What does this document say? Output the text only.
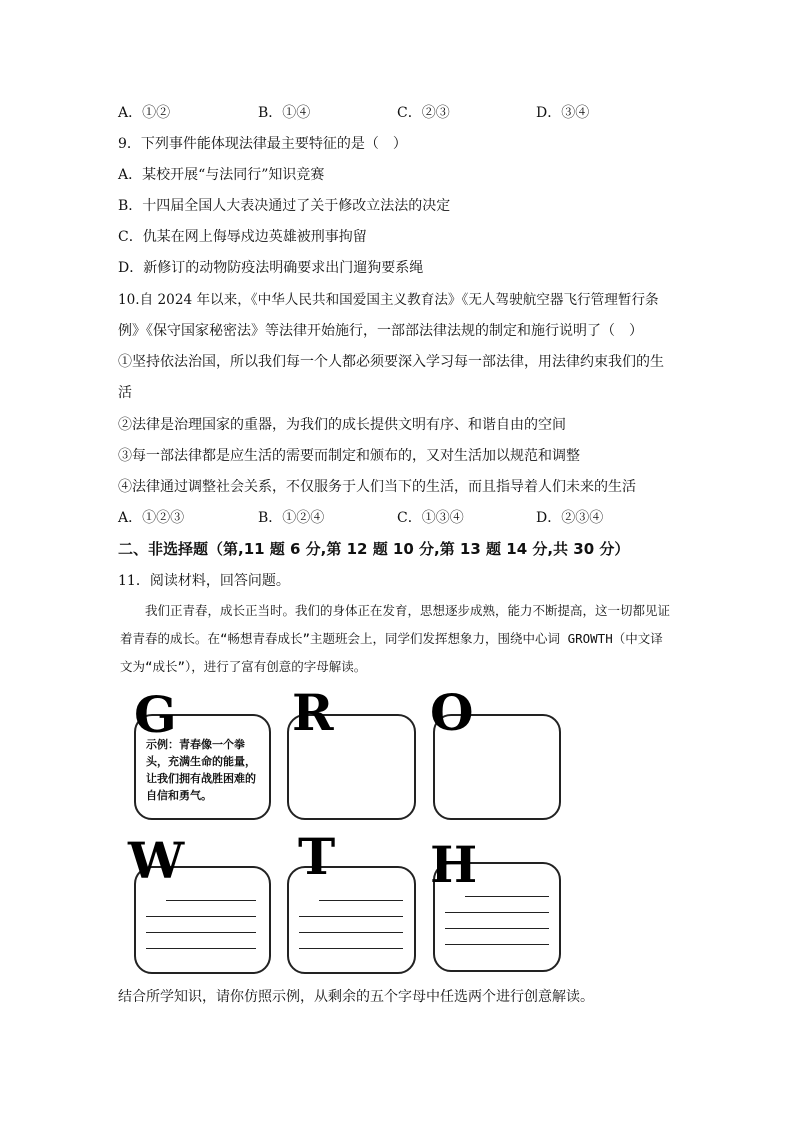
A．①②	B．①④	C．②③	D．③④
9．下列事件能体现法律最主要特征的是（　）
A．某校开展“与法同行”知识竞赛
B．十四届全国人大表决通过了关于修改立法法的决定
C．仇某在网上侮辱戍边英雄被刑事拘留
D．新修订的动物防疫法明确要求出门遛狗要系绳
10.自 2024 年以来，《中华人民共和国爱国主义教育法》《无人驾驶航空器飞行管理暂行条
例》《保守国家秘密法》等法律开始施行，一部部法律法规的制定和施行说明了（　）
①坚持依法治国，所以我们每一个人都必须要深入学习每一部法律，用法律约束我们的生
活
②法律是治理国家的重器，为我们的成长提供文明有序、和谐自由的空间
③每一部法律都是应生活的需要而制定和颁布的，又对生活加以规范和调整
④法律通过调整社会关系，不仅服务于人们当下的生活，而且指导着人们未来的生活
A．①②③	B．①②④	C．①③④	D．②③④
二、非选择题（第,11 题 6 分,第 12 题 10 分,第 13 题 14 分,共 30 分）
11．阅读材料，回答问题。

我们正青春，成长正当时。我们的身体正在发育，思想逐步成熟，能力不断提高，这一切都见证着青春的成长。在“畅想青春成长”主题班会上，同学们发挥想象力，围绕中心词 GROWTH（中文译文为“成长”），进行了富有创意的字母解读。

示例：青春像一个拳头，充满生命的能量，让我们拥有战胜困难的自信和勇气。
G R O
W T H
结合所学知识，请你仿照示例，从剩余的五个字母中任选两个进行创意解读。
